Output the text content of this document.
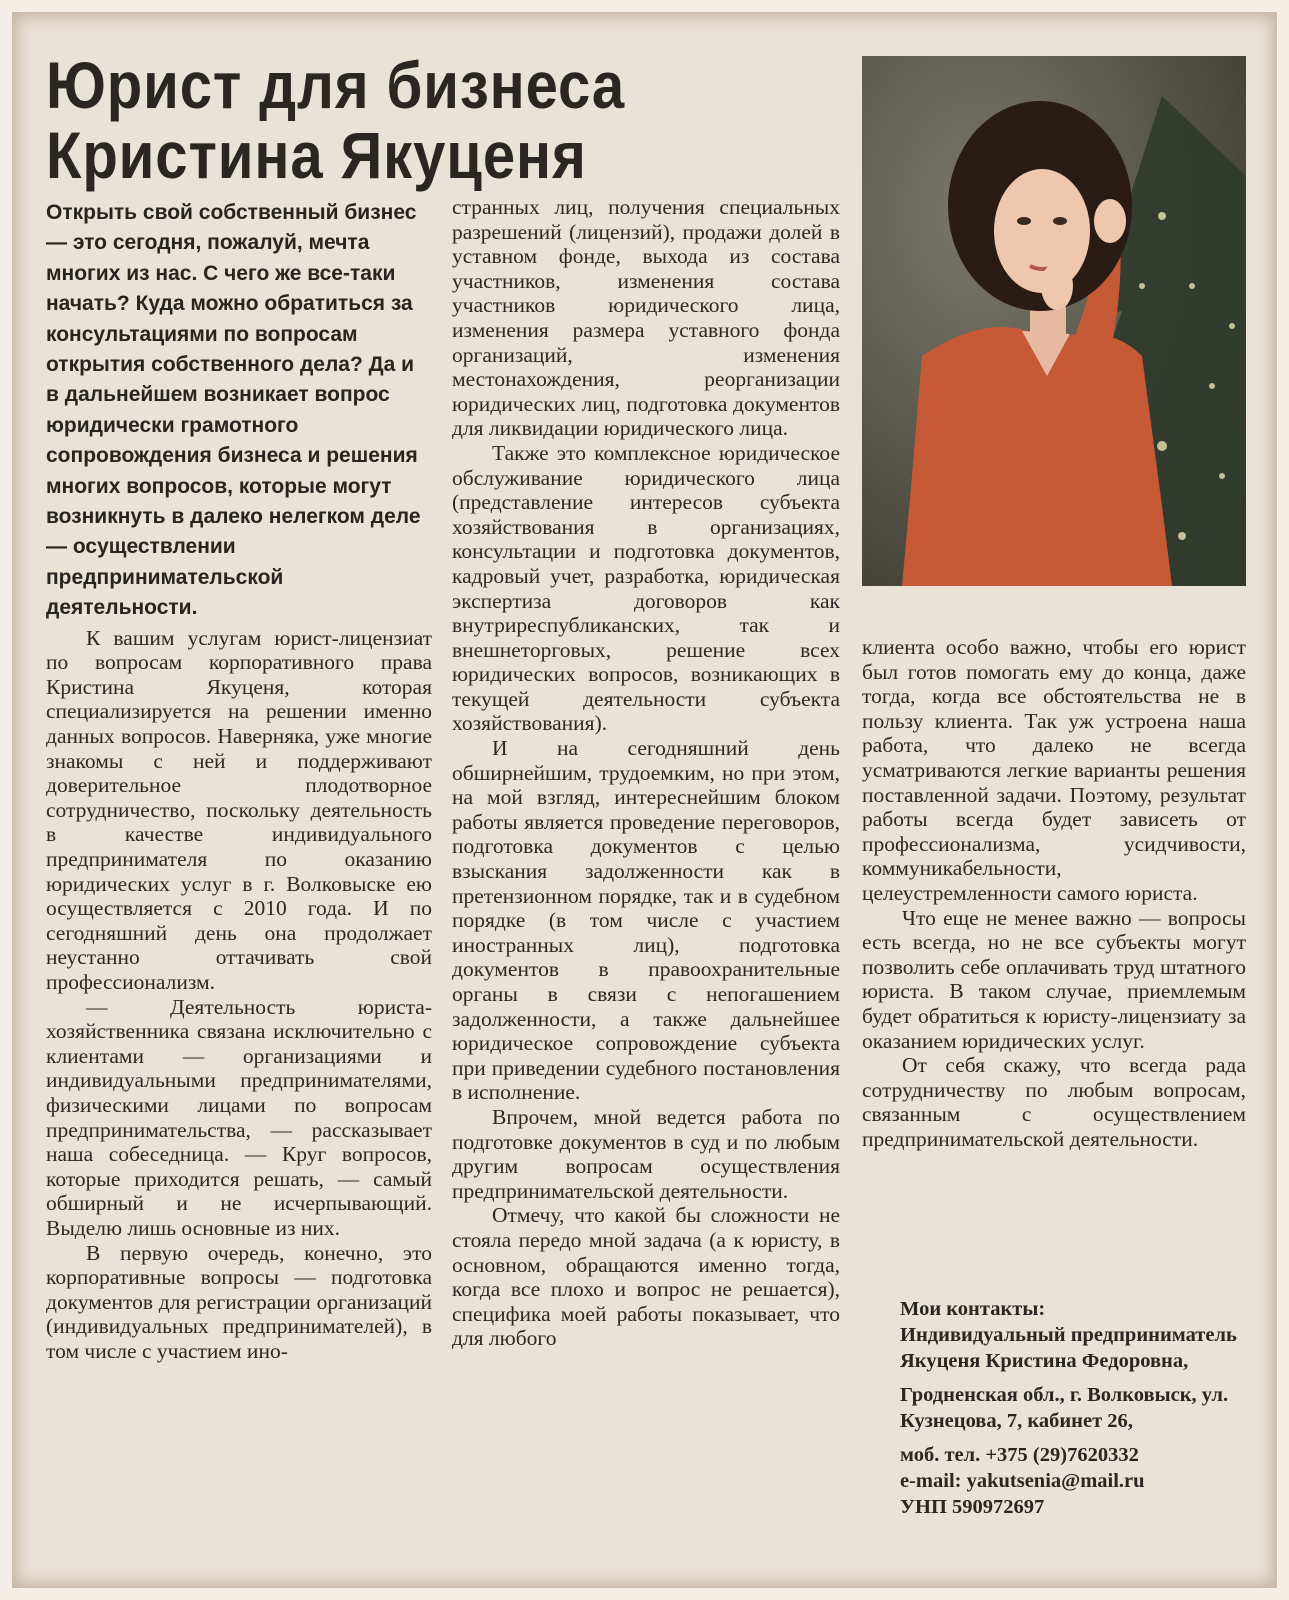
Юрист для бизнеса
Кристина Якуценя

Открыть свой собственный бизнес — это сегодня, пожалуй, мечта многих из нас. С чего же все-таки начать? Куда можно обратиться за консультациями по вопросам открытия собственного дела? Да и в дальнейшем возникает вопрос юридически грамотного сопровождения бизнеса и решения многих вопросов, которые могут возникнуть в далеко нелегком деле — осуществлении предпринимательской деятельности.

К вашим услугам юрист-лицензиат по вопросам корпоративного права Кристина Якуценя, которая специализируется на решении именно данных вопросов. Наверняка, уже многие знакомы с ней и поддерживают доверительное плодотворное сотрудничество, поскольку деятельность в качестве индивидуального предпринимателя по оказанию юридических услуг в г. Волковыске ею осуществляется с 2010 года. И по сегодняшний день она продолжает неустанно оттачивать свой профессионализм.

— Деятельность юриста-хозяйственника связана исключительно с клиентами — организациями и индивидуальными предпринимателями, физическими лицами по вопросам предпринимательства, — рассказывает наша собеседница. — Круг вопросов, которые приходится решать, — самый обширный и не исчерпывающий. Выделю лишь основные из них.

В первую очередь, конечно, это корпоративные вопросы — подготовка документов для регистрации организаций (индивидуальных предпринимателей), в том числе с участием ино-

странных лиц, получения специальных разрешений (лицензий), продажи долей в уставном фонде, выхода из состава участников, изменения состава участников юридического лица, изменения размера уставного фонда организаций, изменения местонахождения, реорганизации юридических лиц, подготовка документов для ликвидации юридического лица.

Также это комплексное юридическое обслуживание юридического лица (представление интересов субъекта хозяйствования в организациях, консультации и подготовка документов, кадровый учет, разработка, юридическая экспертиза договоров как внутриреспубликанских, так и внешнеторговых, решение всех юридических вопросов, возникающих в текущей деятельности субъекта хозяйствования).

И на сегодняшний день обширнейшим, трудоемким, но при этом, на мой взгляд, интереснейшим блоком работы является проведение переговоров, подготовка документов с целью взыскания задолженности как в претензионном порядке, так и в судебном порядке (в том числе с участием иностранных лиц), подготовка документов в правоохранительные органы в связи с непогашением задолженности, а также дальнейшее юридическое сопровождение субъекта при приведении судебного постановления в исполнение.

Впрочем, мной ведется работа по подготовке документов в суд и по любым другим вопросам осуществления предпринимательской деятельности.

Отмечу, что какой бы сложности не стояла передо мной задача (а к юристу, в основном, обращаются именно тогда, когда все плохо и вопрос не решается), специфика моей работы показывает, что для любого

клиента особо важно, чтобы его юрист был готов помогать ему до конца, даже тогда, когда все обстоятельства не в пользу клиента. Так уж устроена наша работа, что далеко не всегда усматриваются легкие варианты решения поставленной задачи. Поэтому, результат работы всегда будет зависеть от профессионализма, усидчивости, коммуникабельности, целеустремленности самого юриста.

Что еще не менее важно — вопросы есть всегда, но не все субъекты могут позволить себе оплачивать труд штатного юриста. В таком случае, приемлемым будет обратиться к юристу-лицензиату за оказанием юридических услуг.

От себя скажу, что всегда рада сотрудничеству по любым вопросам, связанным с осуществлением предпринимательской деятельности.

Мои контакты:
Индивидуальный предприниматель Якуценя Кристина Федоровна,
Гродненская обл., г. Волковыск, ул. Кузнецова, 7, кабинет 26,
моб. тел. +375 (29)7620332
e-mail: yakutsenia@mail.ru
УНП 590972697
